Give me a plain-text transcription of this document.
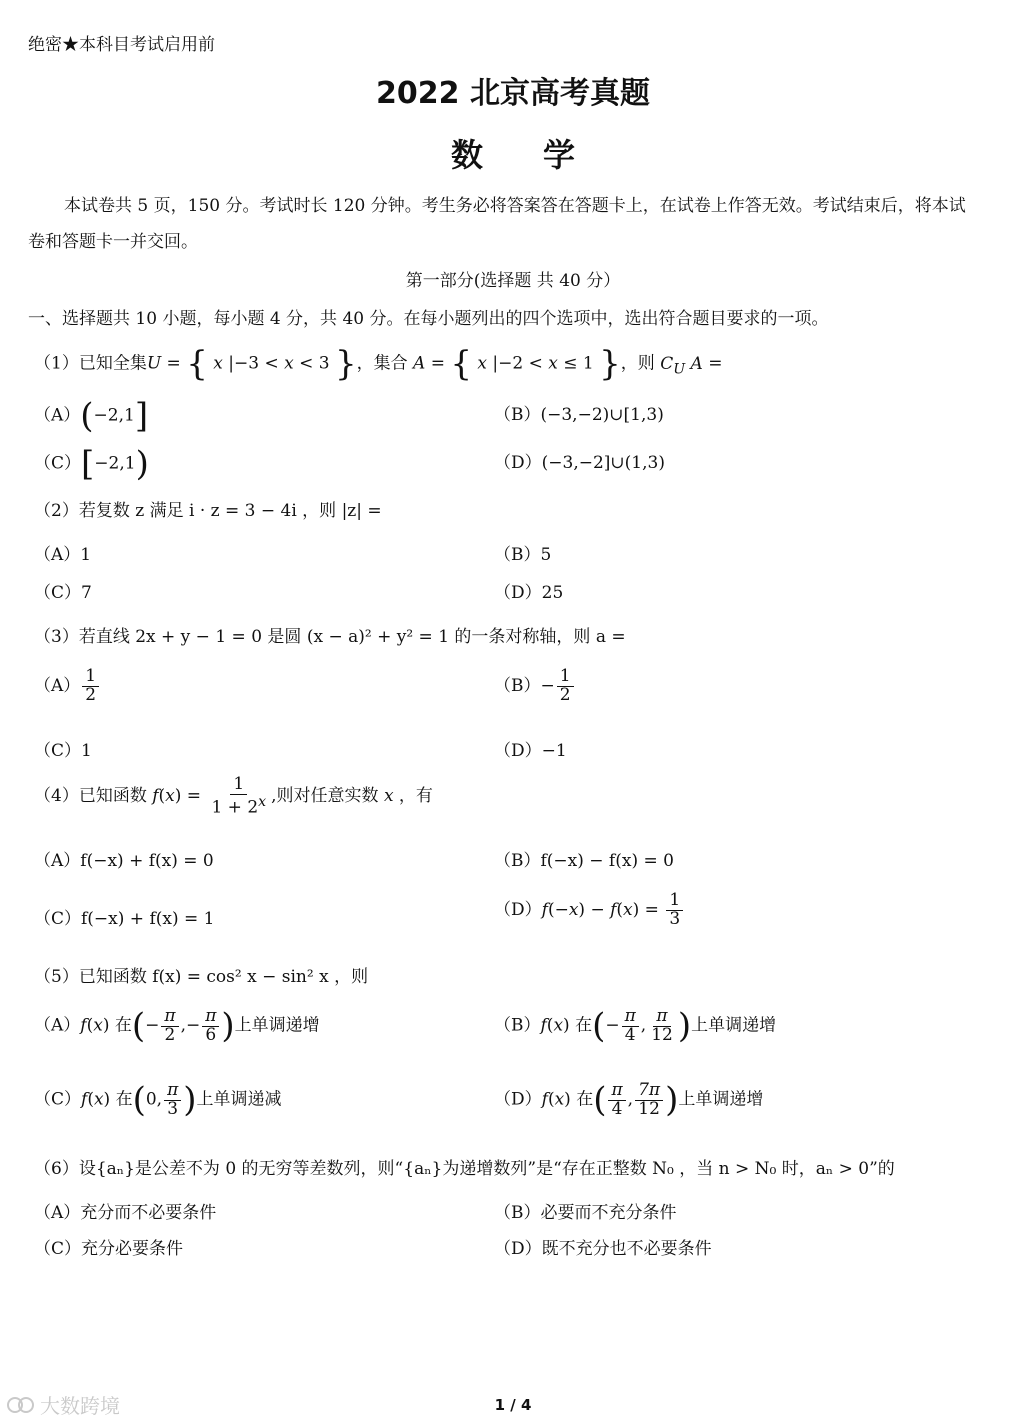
绝密★本科目考试启用前
2022 北京高考真题
数学
本试卷共 5 页，150 分。考试时长 120 分钟。考生务必将答案答在答题卡上，在试卷上作答无效。考试结束后，将本试卷和答题卡一并交回。
第一部分(选择题 共 40 分）
一、选择题共 10 小题，每小题 4 分，共 40 分。在每小题列出的四个选项中，选出符合题目要求的一项。
（1）已知全集U = { x |−3 < x < 3 }，集合 A = { x |−2 < x ≤ 1 }，则 $C_U$ A =
（A）(−2,1]	（B）(−3,−2)∪[1,3)
（C）[−2,1)	（D）(−3,−2]∪(1,3)
（2）若复数 z 满足 i · z = 3 − 4i ，则 |z| =
（A）1	（B）5
（C）7	（D）25
（3）若直线 2x + y − 1 = 0 是圆 (x − a)² + y² = 1 的一条对称轴，则 a =
$(A) \frac{1}{2}$	$(B)- \frac{1}{2}$
（C）1	（D）−1
（4）已知函数 $f(x) = \frac{1}{1 + 2^x}$ ,则对任意实数 x ，有
（A）f(−x) + f(x) = 0	（B）f(−x) − f(x) = 0
（C）f(−x) + f(x) = 1	$(D)f(-x) - f(x) = \frac{1}{3}$
（5）已知函数 f(x) = cos² x − sin² x ，则
（A）f(x) 在(− $\frac{\pi}{2}$ ,− $\frac{\pi}{6}$ )上单调递增	（B）f(x) 在(− $\frac{\pi}{4}$ , $\frac{\pi}{12}$ )上单调递增
（C）f(x) 在(0, $\frac{\pi}{3}$ )上单调递减	（D）f(x) 在( $\frac{\pi}{4}$ , $\frac{7\pi}{12}$ )上单调递增
（6）设{aₙ}是公差不为 0 的无穷等差数列，则“{aₙ}为递增数列”是“存在正整数 N₀ ，当 n > N₀ 时，aₙ > 0”的
（A）充分而不必要条件	（B）必要而不充分条件
（C）充分必要条件	（D）既不充分也不必要条件
大数跨境	1 / 4
